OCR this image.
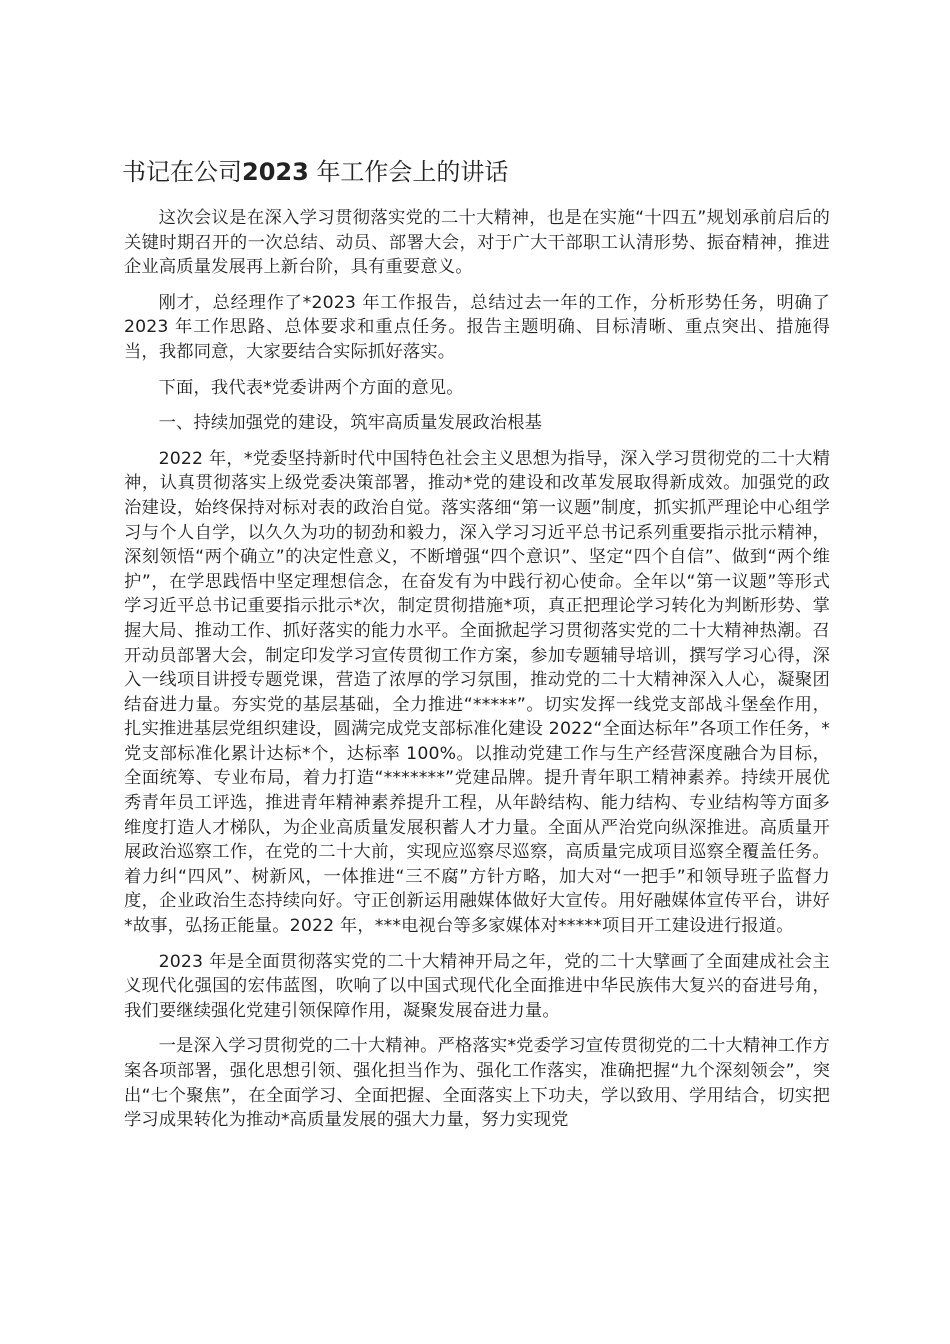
书记在公司2023 年工作会上的讲话

这次会议是在深入学习贯彻落实党的二十大精神，也是在实施“十四五”规划承前启后的关键时期召开的一次总结、动员、部署大会，对于广大干部职工认清形势、振奋精神，推进企业高质量发展再上新台阶，具有重要意义。

刚才，总经理作了*2023 年工作报告，总结过去一年的工作，分析形势任务，明确了 2023 年工作思路、总体要求和重点任务。报告主题明确、目标清晰、重点突出、措施得当，我都同意，大家要结合实际抓好落实。

下面，我代表*党委讲两个方面的意见。

一、持续加强党的建设，筑牢高质量发展政治根基

2022 年，*党委坚持新时代中国特色社会主义思想为指导，深入学习贯彻党的二十大精神，认真贯彻落实上级党委决策部署，推动*党的建设和改革发展取得新成效。加强党的政治建设，始终保持对标对表的政治自觉。落实落细“第一议题”制度，抓实抓严理论中心组学习与个人自学，以久久为功的韧劲和毅力，深入学习习近平总书记系列重要指示批示精神，深刻领悟“两个确立”的决定性意义，不断增强“四个意识”、坚定“四个自信”、做到“两个维护”，在学思践悟中坚定理想信念，在奋发有为中践行初心使命。全年以“第一议题”等形式学习近平总书记重要指示批示*次，制定贯彻措施*项，真正把理论学习转化为判断形势、掌握大局、推动工作、抓好落实的能力水平。全面掀起学习贯彻落实党的二十大精神热潮。召开动员部署大会，制定印发学习宣传贯彻工作方案，参加专题辅导培训，撰写学习心得，深入一线项目讲授专题党课，营造了浓厚的学习氛围，推动党的二十大精神深入人心，凝聚团结奋进力量。夯实党的基层基础，全力推进“*****”。切实发挥一线党支部战斗堡垒作用，扎实推进基层党组织建设，圆满完成党支部标准化建设 2022“全面达标年”各项工作任务，*党支部标准化累计达标*个，达标率 100%。以推动党建工作与生产经营深度融合为目标，全面统筹、专业布局，着力打造“*******”党建品牌。提升青年职工精神素养。持续开展优秀青年员工评选，推进青年精神素养提升工程，从年龄结构、能力结构、专业结构等方面多维度打造人才梯队，为企业高质量发展积蓄人才力量。全面从严治党向纵深推进。高质量开展政治巡察工作，在党的二十大前，实现应巡察尽巡察，高质量完成项目巡察全覆盖任务。着力纠“四风”、树新风，一体推进“三不腐”方针方略，加大对“一把手”和领导班子监督力度，企业政治生态持续向好。守正创新运用融媒体做好大宣传。用好融媒体宣传平台，讲好*故事，弘扬正能量。2022 年，***电视台等多家媒体对*****项目开工建设进行报道。

2023 年是全面贯彻落实党的二十大精神开局之年，党的二十大擘画了全面建成社会主义现代化强国的宏伟蓝图，吹响了以中国式现代化全面推进中华民族伟大复兴的奋进号角，我们要继续强化党建引领保障作用，凝聚发展奋进力量。

一是深入学习贯彻党的二十大精神。严格落实*党委学习宣传贯彻党的二十大精神工作方案各项部署，强化思想引领、强化担当作为、强化工作落实，准确把握“九个深刻领会”，突出“七个聚焦”，在全面学习、全面把握、全面落实上下功夫，学以致用、学用结合，切实把学习成果转化为推动*高质量发展的强大力量，努力实现党
